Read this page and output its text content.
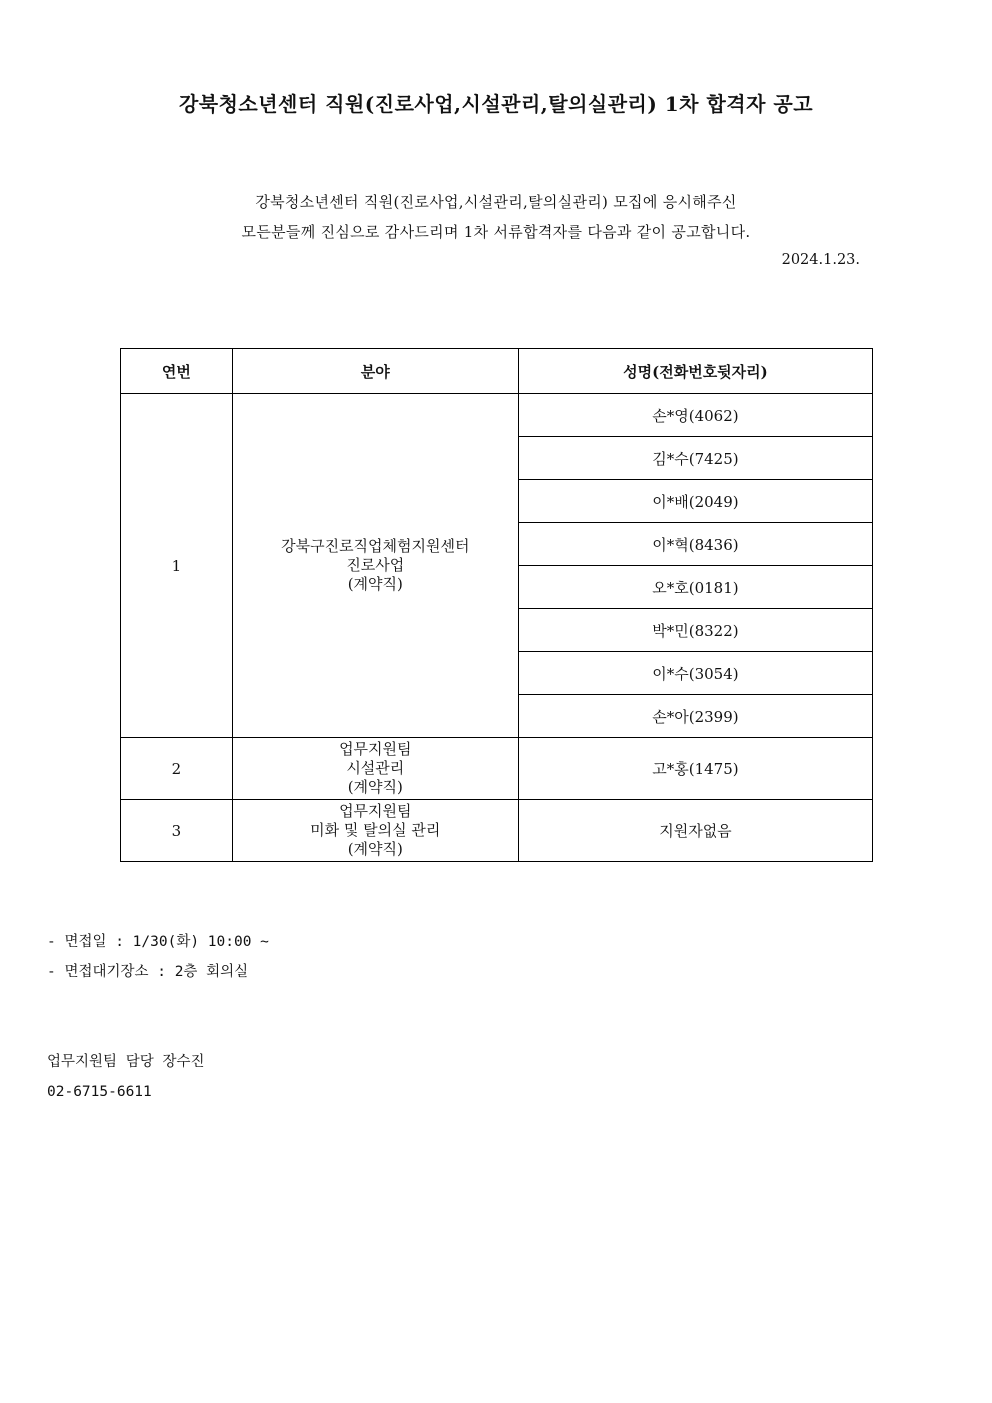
강북청소년센터 직원(진로사업,시설관리,탈의실관리) 1차 합격자 공고
강북청소년센터 직원(진로사업,시설관리,탈의실관리) 모집에 응시해주신
모든분들께 진심으로 감사드리며 1차 서류합격자를 다음과 같이 공고합니다.
2024.1.23.
연번	분야	성명(전화번호뒷자리)
1	강북구진로직업체험지원센터
진로사업
(계약직)	손*영(4062)
		김*수(7425)
		이*배(2049)
		이*혁(8436)
		오*호(0181)
		박*민(8322)
		이*수(3054)
		손*아(2399)
2	업무지원팀
시설관리
(계약직)	고*홍(1475)
3	업무지원팀
미화 및 탈의실 관리
(계약직)	지원자없음
- 면접일 : 1/30(화) 10:00 ~
- 면접대기장소 : 2층 회의실
업무지원팀 담당 장수진
02-6715-6611
